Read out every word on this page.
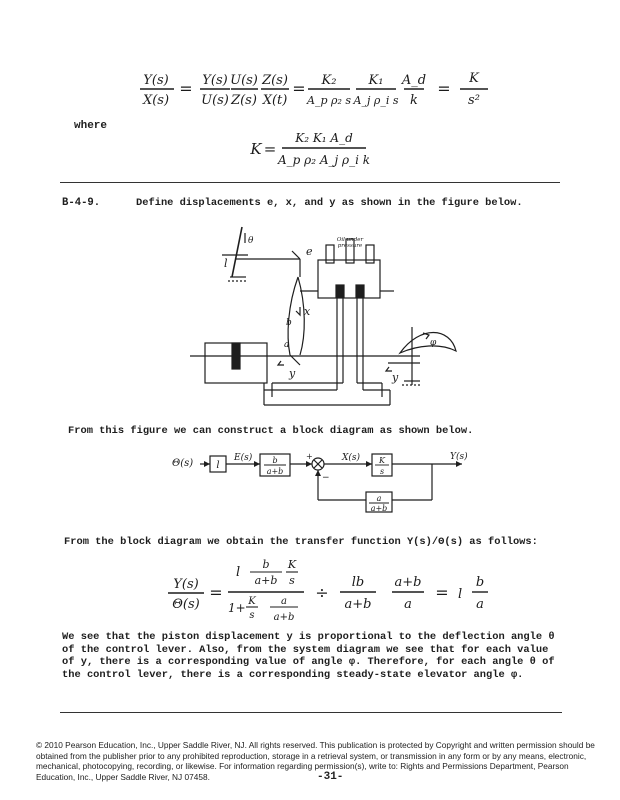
Y(s)
X(s)
= Y(s)
U(s)
U(s)
Z(s)
Z(s)
X(t)
= K₂
A_p ρ₂ s
K₁
A_j ρ_i s
A_d
k
=
K
s²
where
K =
K₂ K₁ A_d
A_p ρ₂ A_j ρ_i k
B-4-9.	Define displacements e, x, and y as shown in the figure below.
l
θ
e
b
a
x
y	y
φ
Oil under
pressure
From this figure we can construct a block diagram as shown below.
Θ(s) l
E(s)	b
a+b
X(s) K
s
Y(s)
a
a+b
+
−
From the block diagram we obtain the transfer function Y(s)/Θ(s) as follows:
Y(s)
Θ(s)
=
l
b
a+b
K
s
1+ K
s
a
a+b
÷
lb
a+b
a+b
a
= l
b
a

We see that the piston displacement y is proportional to the deflection angle θ of the control lever. Also, from the system diagram we see that for each value of y, there is a corresponding value of angle φ. Therefore, for each angle θ of the control lever, there is a corresponding steady-state elevator angle φ.

© 2010 Pearson Education, Inc., Upper Saddle River, NJ. All rights reserved. This publication is protected by Copyright and written permission should be obtained from the publisher prior to any prohibited reproduction, storage in a retrieval system, or transmission in any form or by any means, electronic, mechanical, photocopying, recording, or likewise. For information regarding permission(s), write to: Rights and Permissions Department, Pearson Education, Inc., Upper Saddle River, NJ 07458.	-31-
